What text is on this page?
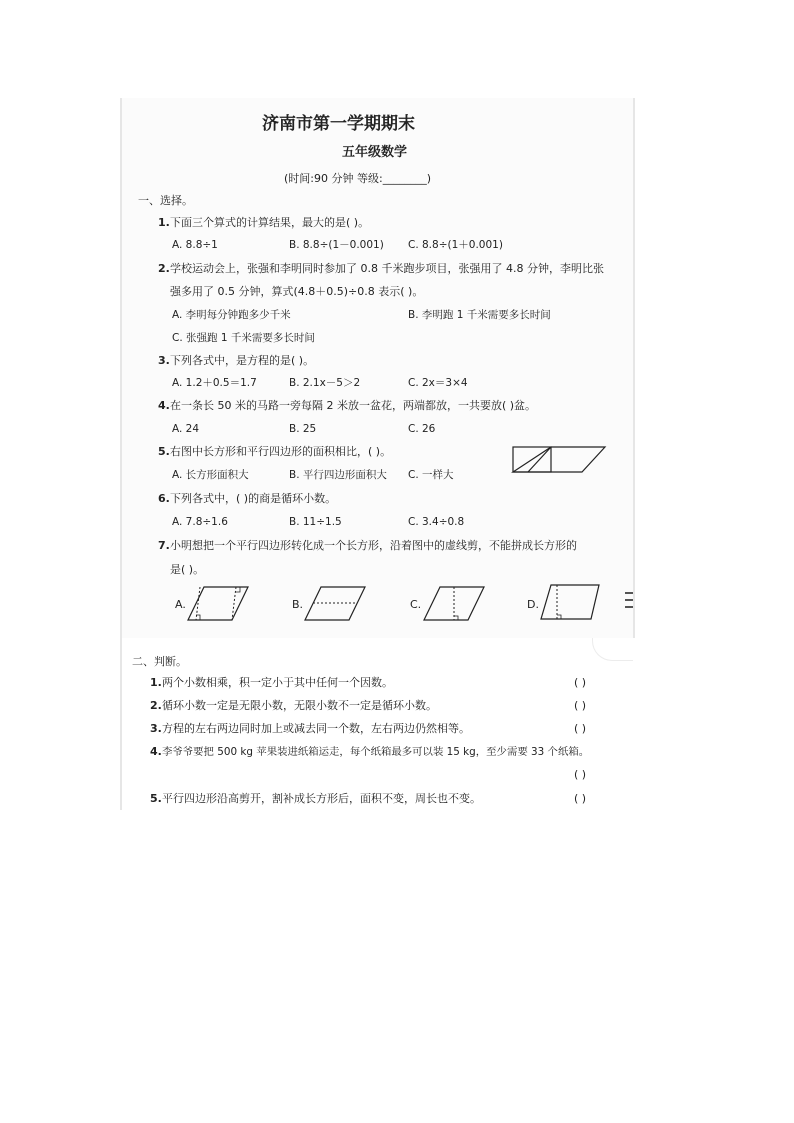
济南市第一学期期末
五年级数学
(时间:90 分钟 等级:________)
一、选择。
1. 下面三个算式的计算结果，最大的是( )。
A. 8.8÷1	B. 8.8÷(1－0.001) C. 8.8÷(1＋0.001)
2. 学校运动会上，张强和李明同时参加了 0.8 千米跑步项目，张强用了 4.8 分钟，李明比张
强多用了 0.5 分钟，算式(4.8＋0.5)÷0.8 表示( )。
A. 李明每分钟跑多少千米	B. 李明跑 1 千米需要多长时间
C. 张强跑 1 千米需要多长时间
3. 下列各式中，是方程的是( )。
A. 1.2＋0.5＝1.7	B. 2.1x－5＞2	C. 2x＝3×4
4. 在一条长 50 米的马路一旁每隔 2 米放一盆花，两端都放，一共要放( )盆。
A. 24	B. 25	C. 26
5. 右图中长方形和平行四边形的面积相比，( )。
A. 长方形面积大	B. 平行四边形面积大 C. 一样大
6. 下列各式中，( )的商是循环小数。
A. 7.8÷1.6	B. 11÷1.5	C. 3.4÷0.8
7. 小明想把一个平行四边形转化成一个长方形，沿着图中的虚线剪，不能拼成长方形的
是( )。
A.	B.	C.	D.
二、判断。
1. 两个小数相乘，积一定小于其中任何一个因数。	( )
2. 循环小数一定是无限小数，无限小数不一定是循环小数。	( )
3. 方程的左右两边同时加上或减去同一个数，左右两边仍然相等。	( )
4. 李爷爷要把 500 kg 苹果装进纸箱运走，每个纸箱最多可以装 15 kg，至少需要 33 个纸箱。
( )
5. 平行四边形沿高剪开，割补成长方形后，面积不变，周长也不变。	( )
